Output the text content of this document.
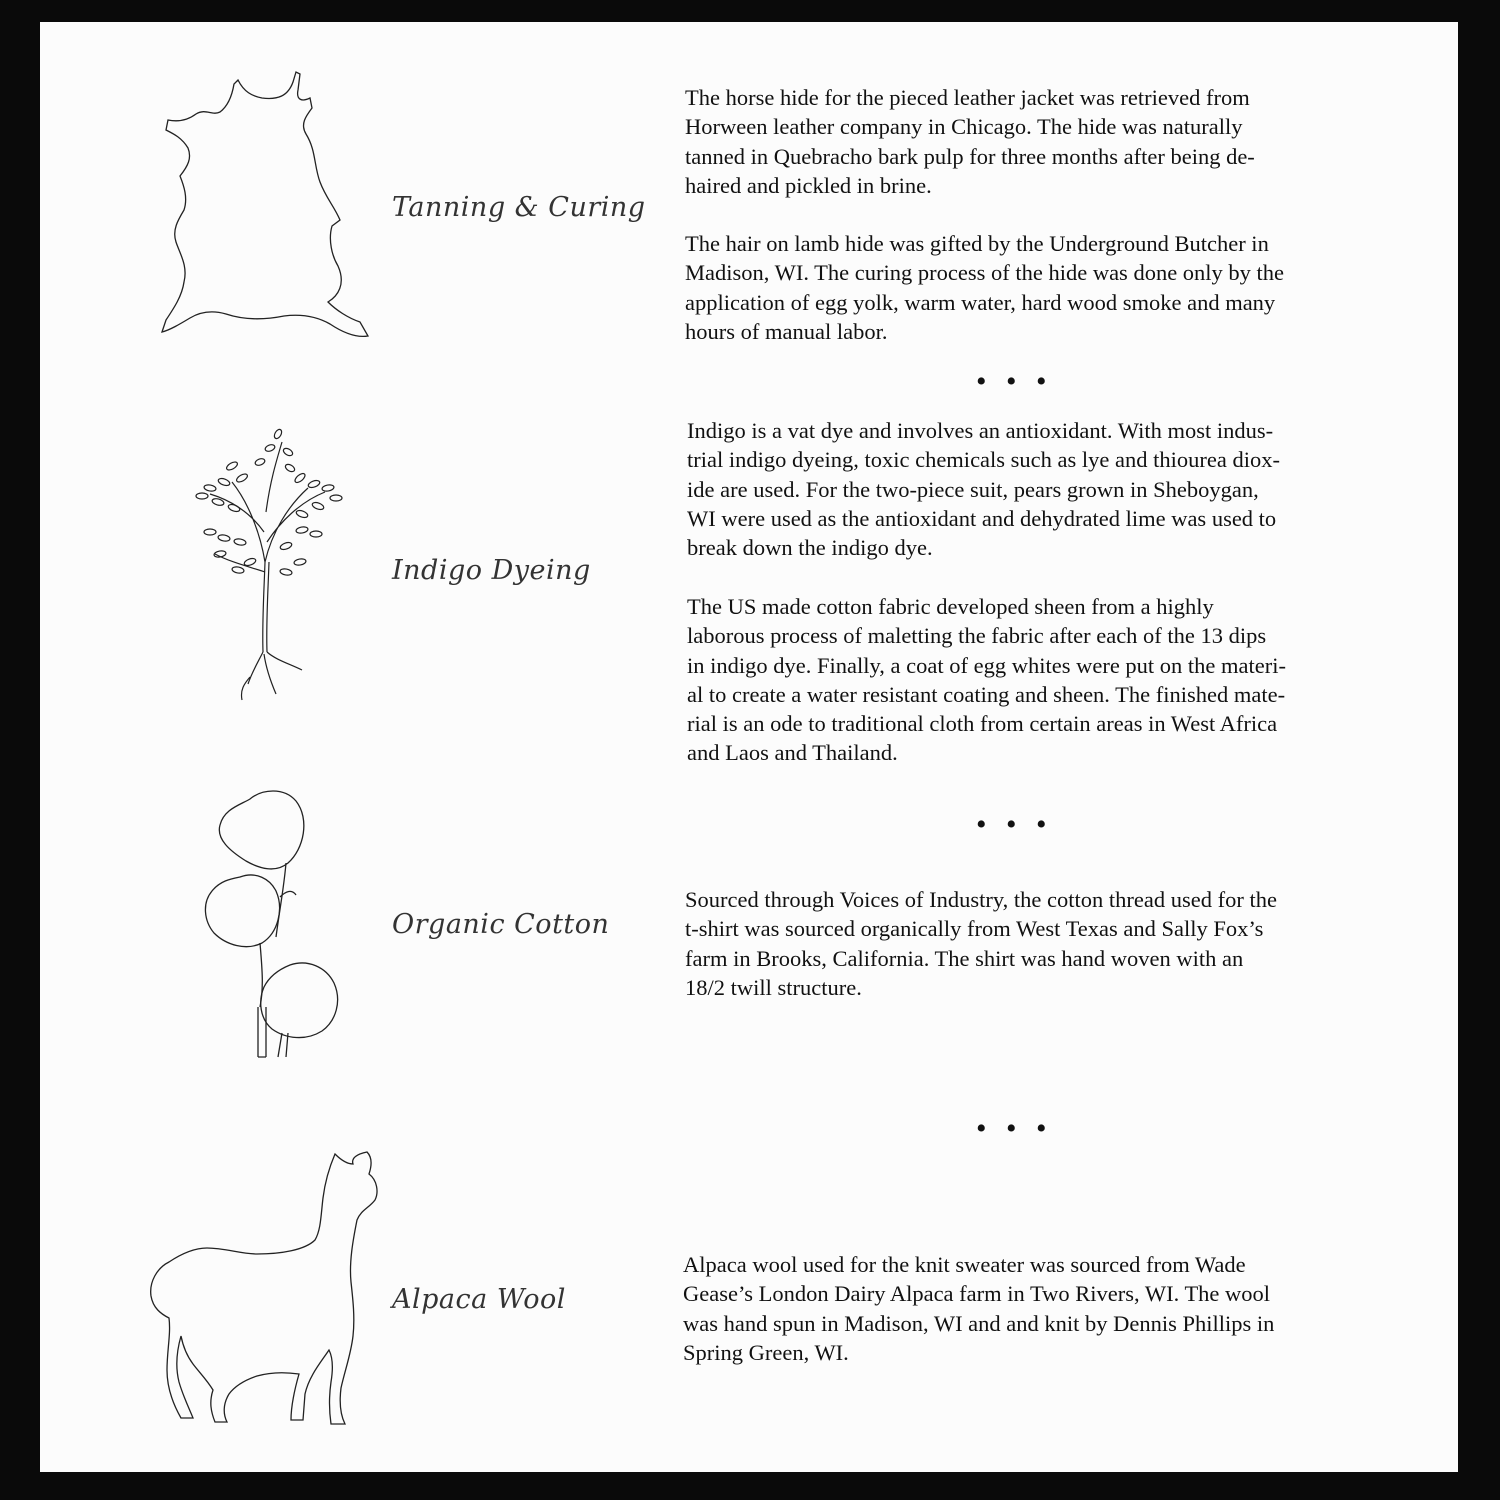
Tanning & Curing

The horse hide for the pieced leather jacket was retrieved from
Horween leather company in Chicago. The hide was naturally
tanned in Quebracho bark pulp for three months after being de-
haired and pickled in brine.

The hair on lamb hide was gifted by the Underground Butcher in
Madison, WI. The curing process of the hide was done only by the
application of egg yolk, warm water, hard wood smoke and many
hours of manual labor.

• • •
Indigo Dyeing

Indigo is a vat dye and involves an antioxidant. With most indus-
trial indigo dyeing, toxic chemicals such as lye and thiourea diox-
ide are used. For the two-piece suit, pears grown in Sheboygan,
WI were used as the antioxidant and dehydrated lime was used to
break down the indigo dye.

The US made cotton fabric developed sheen from a highly
laborous process of maletting the fabric after each of the 13 dips
in indigo dye. Finally, a coat of egg whites were put on the materi-
al to create a water resistant coating and sheen. The finished mate-
rial is an ode to traditional cloth from certain areas in West Africa
and Laos and Thailand.

• • •
Organic Cotton

Sourced through Voices of Industry, the cotton thread used for the
t-shirt was sourced organically from West Texas and Sally Fox’s
farm in Brooks, California. The shirt was hand woven with an
18/2 twill structure.

• • •
Alpaca Wool

Alpaca wool used for the knit sweater was sourced from Wade
Gease’s London Dairy Alpaca farm in Two Rivers, WI. The wool
was hand spun in Madison, WI and and knit by Dennis Phillips in
Spring Green, WI.
